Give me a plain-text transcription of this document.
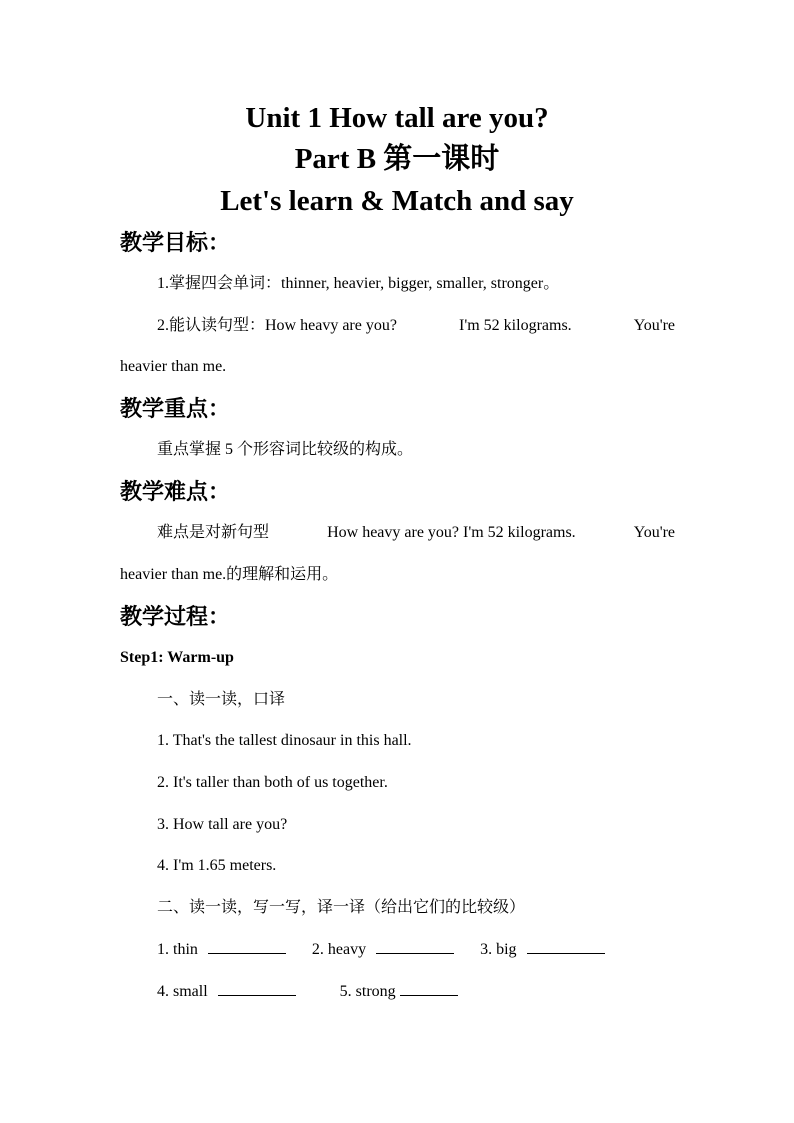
Unit 1 How tall are you?
Part B 第一课时
Let's learn & Match and say
教学目标：
1.掌握四会单词：thinner, heavier, bigger, smaller, stronger。
2.能认读句型：How heavy are you?	I'm 52 kilograms.	You're
heavier than me.
教学重点：
重点掌握 5 个形容词比较级的构成。
教学难点：
难点是对新句型	How heavy are you? I'm 52 kilograms.	You're
heavier than me.的理解和运用。
教学过程：
Step1: Warm-up
一、读一读，口译
1. That's the tallest dinosaur in this hall.
2. It's taller than both of us together.
3. How tall are you?
4. I'm 1.65 meters.
二、读一读，写一写，译一译（给出它们的比较级）
1. thin	2. heavy	3. big
4. small	5. strong
